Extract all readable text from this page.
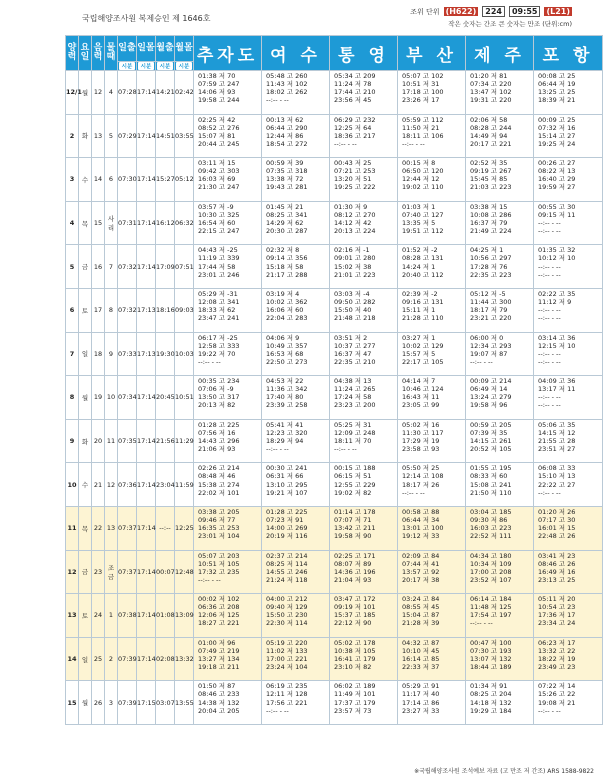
국립해양조사원 복제승인 제 1646호
조위 단위 (H622)	224	09:55	(L21)
작은 숫자는 간조 큰 숫자는 만조 (단위:cm)
양력	요일	음력	물때	일출	일몰	월출	월몰	추자도	여 수	통 영	부 산	제 주	포 항

				시분	시분	시분	시분						

12/1	월	12	4	07:28	17:14	14:21	02:42	01:38 저 70
07:59 고 247
14:06 저 93
19:58 고 244	05:48 고 260
11:43 저 102
18:02 고 262
--:-- - --	05:34 고 209
11:24 저 78
17:44 고 210
23:56 저 45	05:07 고 102
10:51 저 31
17:18 고 100
23:26 저 17	01:20 저 81
07:34 고 220
13:47 저 102
19:31 고 220	00:08 고 25
06:44 저 19
13:25 고 25
18:39 저 21
2	화	13	5	07:29	17:14	14:51	03:55	02:25 저 42
08:52 고 276
15:07 저 81
20:44 고 245	00:13 저 62
06:44 고 290
12:44 저 86
18:54 고 272	06:29 고 232
12:25 저 64
18:36 고 217
--:-- - --	05:59 고 112
11:50 저 21
18:11 고 106
--:-- - --	02:06 저 58
08:28 고 244
14:49 저 94
20:17 고 221	00:09 고 25
07:32 저 16
15:14 고 27
19:25 저 24
3	수	14	6	07:30	17:14	15:27	05:12	03:11 저 15
09:42 고 303
16:03 저 69
21:30 고 247	00:59 저 39
07:35 고 318
13:38 저 72
19:43 고 281	00:43 저 25
07:21 고 253
13:20 저 51
19:25 고 222	00:15 저 8
06:50 고 120
12:44 저 12
19:02 고 110	02:52 저 35
09:19 고 267
15:45 저 85
21:03 고 223	00:26 고 27
08:22 저 13
16:40 고 29
19:59 저 27
4	목	15	사리	07:31	17:14	16:12	06:32	03:57 저 -9
10:30 고 325
16:54 저 60
22:15 고 247	01:45 저 21
08:25 고 341
14:29 저 62
20:30 고 287	01:30 저 9
08:12 고 270
14:12 저 42
20:13 고 224	01:03 저 1
07:40 고 127
13:35 저 5
19:51 고 112	03:38 저 15
10:08 고 286
16:37 저 79
21:49 고 224	00:55 고 30
09:15 저 11
--:-- - --
--:-- - --
5	금	16	7	07:32	17:14	17:09	07:51	04:43 저 -25
11:19 고 339
17:44 저 58
23:01 고 246	02:32 저 8
09:14 고 356
15:18 저 58
21:17 고 288	02:16 저 -1
09:01 고 280
15:02 저 38
21:01 고 223	01:52 저 -2
08:28 고 131
14:24 저 1
20:40 고 112	04:25 저 1
10:56 고 297
17:28 저 76
22:35 고 223	01:35 고 32
10:12 저 10
--:-- - --
--:-- - --
6	토	17	8	07:32	17:13	18:16	09:03	05:29 저 -31
12:08 고 341
18:33 저 62
23:47 고 241	03:19 저 4
10:02 고 362
16:06 저 60
22:04 고 283	03:03 저 -4
09:50 고 282
15:50 저 40
21:48 고 218	02:39 저 -2
09:16 고 131
15:11 저 1
21:28 고 110	05:12 저 -5
11:44 고 300
18:17 저 79
23:21 고 220	02:22 고 35
11:12 저 9
--:-- - --
--:-- - --
7	일	18	9	07:33	17:13	19:30	10:03	06:17 저 -25
12:58 고 333
19:22 저 70
--:-- - --	04:06 저 9
10:49 고 357
16:53 저 68
22:50 고 273	03:51 저 2
10:37 고 277
16:37 저 47
22:35 고 210	03:27 저 1
10:02 고 129
15:57 저 5
22:17 고 105	06:00 저 0
12:34 고 293
19:07 저 87
--:-- - --	03:14 고 36
12:15 저 10
--:-- - --
--:-- - --
8	월	19	10	07:34	17:14	20:45	10:51	00:35 고 234
07:06 저 -9
13:50 고 317
20:13 저 82	04:53 저 22
11:36 고 342
17:40 저 80
23:39 고 258	04:38 저 13
11:24 고 265
17:24 저 58
23:23 고 200	04:14 저 7
10:46 고 124
16:43 저 11
23:05 고 99	00:09 고 214
06:49 저 14
13:24 고 279
19:58 저 96	04:09 고 36
13:17 저 11
--:-- - --
--:-- - --
9	화	20	11	07:35	17:14	21:56	11:29	01:28 고 225
07:56 저 16
14:43 고 296
21:06 저 93	05:41 저 41
12:23 고 320
18:29 저 94
--:-- - --	05:25 저 31
12:09 고 248
18:11 저 70
--:-- - --	05:02 저 16
11:30 고 117
17:29 저 19
23:58 고 93	00:59 고 205
07:39 저 35
14:15 고 261
20:52 저 105	05:06 고 35
14:15 저 12
21:55 고 28
23:51 저 27
10	수	21	12	07:36	17:14	23:04	11:59	02:26 고 214
08:48 저 46
15:38 고 274
22:02 저 101	00:30 고 241
06:31 저 66
13:10 고 295
19:21 저 107	00:15 고 188
06:15 저 51
12:55 고 229
19:02 저 82	05:50 저 25
12:14 고 108
18:17 저 26
--:-- - --	01:55 고 195
08:33 저 60
15:08 고 241
21:50 저 110	06:08 고 33
15:10 저 13
22:22 고 27
--:-- - --
11	목	22	13	07:37	17:14	--:--	12:25	03:38 고 205
09:46 저 77
16:35 고 253
23:01 저 104	01:28 고 225
07:23 저 91
14:00 고 269
20:19 저 116	01:14 고 178
07:07 저 71
13:42 고 211
19:58 저 90	00:58 고 88
06:44 저 34
13:01 고 100
19:12 저 33	03:04 고 185
09:30 저 86
16:03 고 223
22:52 저 111	01:20 저 26
07:17 고 30
16:01 저 15
22:48 고 26
12	금	23	조금	07:37	17:14	00:07	12:48	05:07 고 203
10:51 저 105
17:32 고 235
--:-- - --	02:37 고 214
08:25 저 114
14:55 고 246
21:24 저 118	02:25 고 171
08:07 저 89
14:36 고 196
21:04 저 93	02:09 고 84
07:44 저 41
13:57 고 92
20:17 저 38	04:34 고 180
10:34 저 109
17:00 고 208
23:52 저 107	03:41 저 23
08:46 고 26
16:49 저 16
23:13 고 25
13	토	24	1	07:38	17:14	01:08	13:09	00:02 저 102
06:36 고 208
12:06 저 125
18:27 고 221	04:00 고 212
09:40 저 129
15:50 고 230
22:30 저 114	03:47 고 172
09:19 저 101
15:37 고 185
22:12 저 90	03:24 고 84
08:55 저 45
15:04 고 87
21:28 저 39	06:14 고 184
11:48 저 125
17:54 고 197
--:-- - --	05:11 저 20
10:54 고 23
17:36 저 17
23:34 고 24
14	일	25	2	07:39	17:14	02:08	13:32	01:00 저 96
07:49 고 219
13:27 저 134
19:18 고 211	05:19 고 220
11:02 저 133
17:00 고 221
23:24 저 104	05:02 고 178
10:38 저 105
16:41 고 179
23:10 저 82	04:32 고 87
10:10 저 45
16:14 고 85
22:33 저 37	00:47 저 100
07:30 고 193
13:07 저 132
18:44 고 189	06:23 저 17
13:32 고 22
18:22 저 19
23:49 고 23
15	월	26	3	07:39	17:15	03:07	13:55	01:50 저 87
08:46 고 233
14:38 저 132
20:04 고 205	06:19 고 235
12:11 저 128
17:56 고 221
--:-- - --	06:02 고 189
11:49 저 101
17:37 고 179
23:57 저 73	05:29 고 91
11:17 저 40
17:14 고 86
23:27 저 33	01:34 저 91
08:25 고 204
14:18 저 132
19:29 고 184	07:22 저 14
15:26 고 22
19:08 저 21
--:-- - --
※국립해양조사원 조석예보 자료 (고 만조 저 간조) ARS 1588-9822
